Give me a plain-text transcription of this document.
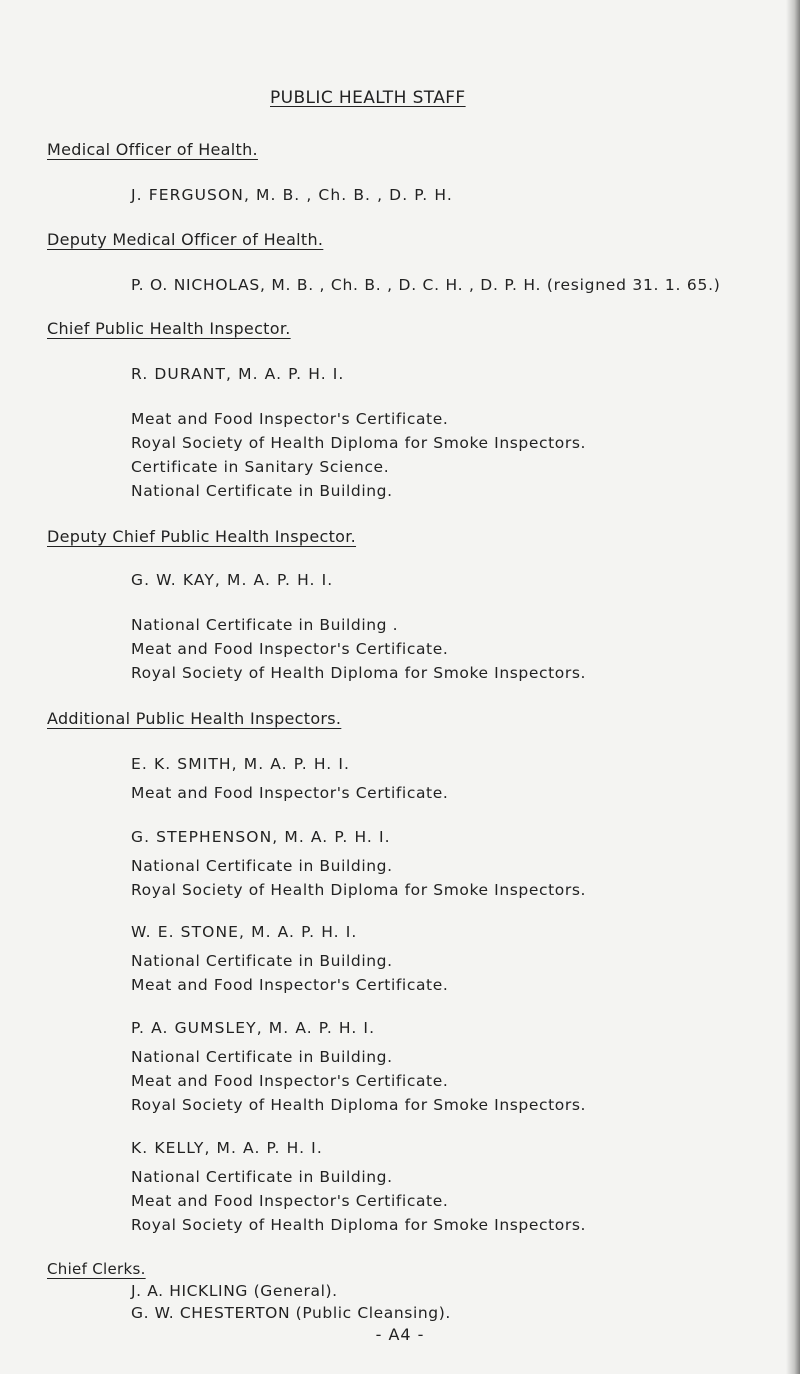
PUBLIC HEALTH STAFF
Medical Officer of Health.
J. FERGUSON, M. B. , Ch. B. , D. P. H.
Deputy Medical Officer of Health.
P. O. NICHOLAS, M. B. , Ch. B. , D. C. H. , D. P. H. (resigned 31. 1. 65.)
Chief Public Health Inspector.
R. DURANT, M. A. P. H. I.
Meat and Food Inspector's Certificate.
Royal Society of Health Diploma for Smoke Inspectors.
Certificate in Sanitary Science.
National Certificate in Building.
Deputy Chief Public Health Inspector.
G. W. KAY, M. A. P. H. I.
National Certificate in Building .
Meat and Food Inspector's Certificate.
Royal Society of Health Diploma for Smoke Inspectors.
Additional Public Health Inspectors.
E. K. SMITH, M. A. P. H. I.
Meat and Food Inspector's Certificate.
G. STEPHENSON, M. A. P. H. I.
National Certificate in Building.
Royal Society of Health Diploma for Smoke Inspectors.
W. E. STONE, M. A. P. H. I.
National Certificate in Building.
Meat and Food Inspector's Certificate.
P. A. GUMSLEY, M. A. P. H. I.
National Certificate in Building.
Meat and Food Inspector's Certificate.
Royal Society of Health Diploma for Smoke Inspectors.
K. KELLY, M. A. P. H. I.
National Certificate in Building.
Meat and Food Inspector's Certificate.
Royal Society of Health Diploma for Smoke Inspectors.
Chief Clerks.
J. A. HICKLING (General).
G. W. CHESTERTON (Public Cleansing).
- A4 -
